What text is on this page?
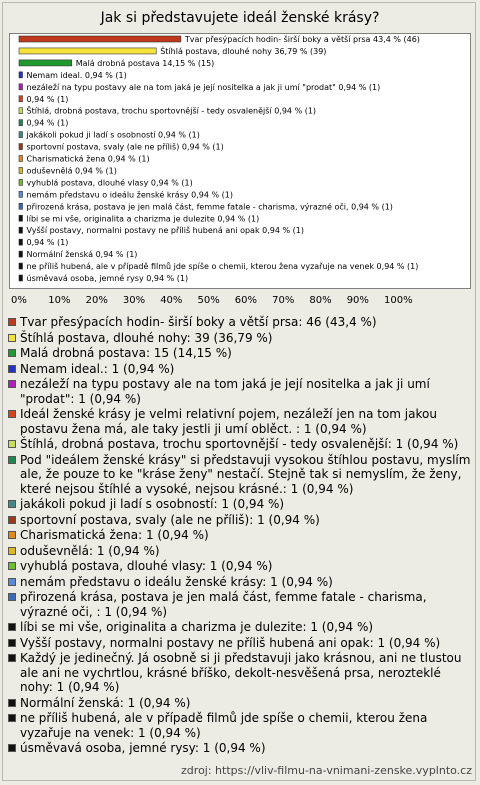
Jak si představujete ideál ženské krásy?
Tvar přesýpacích hodin- širší boky a větší prsa 43,4 % (46)
Štíhlá postava, dlouhé nohy 36,79 % (39)
Malá drobná postava 14,15 % (15)
Nemam ideal. 0,94 % (1)
nezáleží na typu postavy ale na tom jaká je její nositelka a jak ji umí "prodat" 0,94 % (1)
0,94 % (1)
Štíhlá, drobná postava, trochu sportovnější - tedy osvalenější 0,94 % (1)
0,94 % (1)
jakákoli pokud ji ladí s osobností 0,94 % (1)
sportovní postava, svaly (ale ne příliš) 0,94 % (1)
Charismatická žena 0,94 % (1)
oduševnělá 0,94 % (1)
vyhublá postava, dlouhé vlasy 0,94 % (1)
nemám představu o ideálu ženské krásy 0,94 % (1)
přirozená krása, postava je jen malá část, femme fatale - charisma, výrazné oči, 0,94 % (1)
líbi se mi vše, originalita a charizma je dulezite 0,94 % (1)
Vyšší postavy, normalni postavy ne příliš hubená ani opak 0,94 % (1)
0,94 % (1)
Normální ženská 0,94 % (1)
ne příliš hubená, ale v případě filmů jde spíše o chemii, kterou žena vyzařuje na venek 0,94 % (1)
úsměvavá osoba, jemné rysy 0,94 % (1)
0% 10% 20% 30% 40% 50% 60% 70% 80% 90% 100%
Tvar přesýpacích hodin- širší boky a větší prsa: 46 (43,4 %)
Štíhlá postava, dlouhé nohy: 39 (36,79 %)
Malá drobná postava: 15 (14,15 %)
Nemam ideal.: 1 (0,94 %)
nezáleží na typu postavy ale na tom jaká je její nositelka a jak ji umí "prodat": 1 (0,94 %)
Ideál ženské krásy je velmi relativní pojem, nezáleží jen na tom jakou postavu žena má, ale taky jestli ji umí oblěct. : 1 (0,94 %)
Štíhlá, drobná postava, trochu sportovnější - tedy osvalenější: 1 (0,94 %)
Pod "ideálem ženské krásy" si představuji vysokou štíhlou postavu, myslím ale, že pouze to ke "kráse ženy" nestačí. Stejně tak si nemyslím, že ženy, které nejsou štíhlé a vysoké, nejsou krásné.: 1 (0,94 %)
jakákoli pokud ji ladí s osobností: 1 (0,94 %)
sportovní postava, svaly (ale ne příliš): 1 (0,94 %)
Charismatická žena: 1 (0,94 %)
oduševnělá: 1 (0,94 %)
vyhublá postava, dlouhé vlasy: 1 (0,94 %)
nemám představu o ideálu ženské krásy: 1 (0,94 %)
přirozená krása, postava je jen malá část, femme fatale - charisma, výrazné oči, : 1 (0,94 %)
líbi se mi vše, originalita a charizma je dulezite: 1 (0,94 %)
Vyšší postavy, normalni postavy ne příliš hubená ani opak: 1 (0,94 %)
Každý je jedinečný. Já osobně si ji představuji jako krásnou, ani ne tlustou ale ani ne vychrtlou, krásné bříško, dekolt-nesvěšená prsa, nerozteklé nohy: 1 (0,94 %)
Normální ženská: 1 (0,94 %)
ne příliš hubená, ale v případě filmů jde spíše o chemii, kterou žena vyzařuje na venek: 1 (0,94 %)
úsměvavá osoba, jemné rysy: 1 (0,94 %)
zdroj: https://vliv-filmu-na-vnimani-zenske.vyplnto.cz
